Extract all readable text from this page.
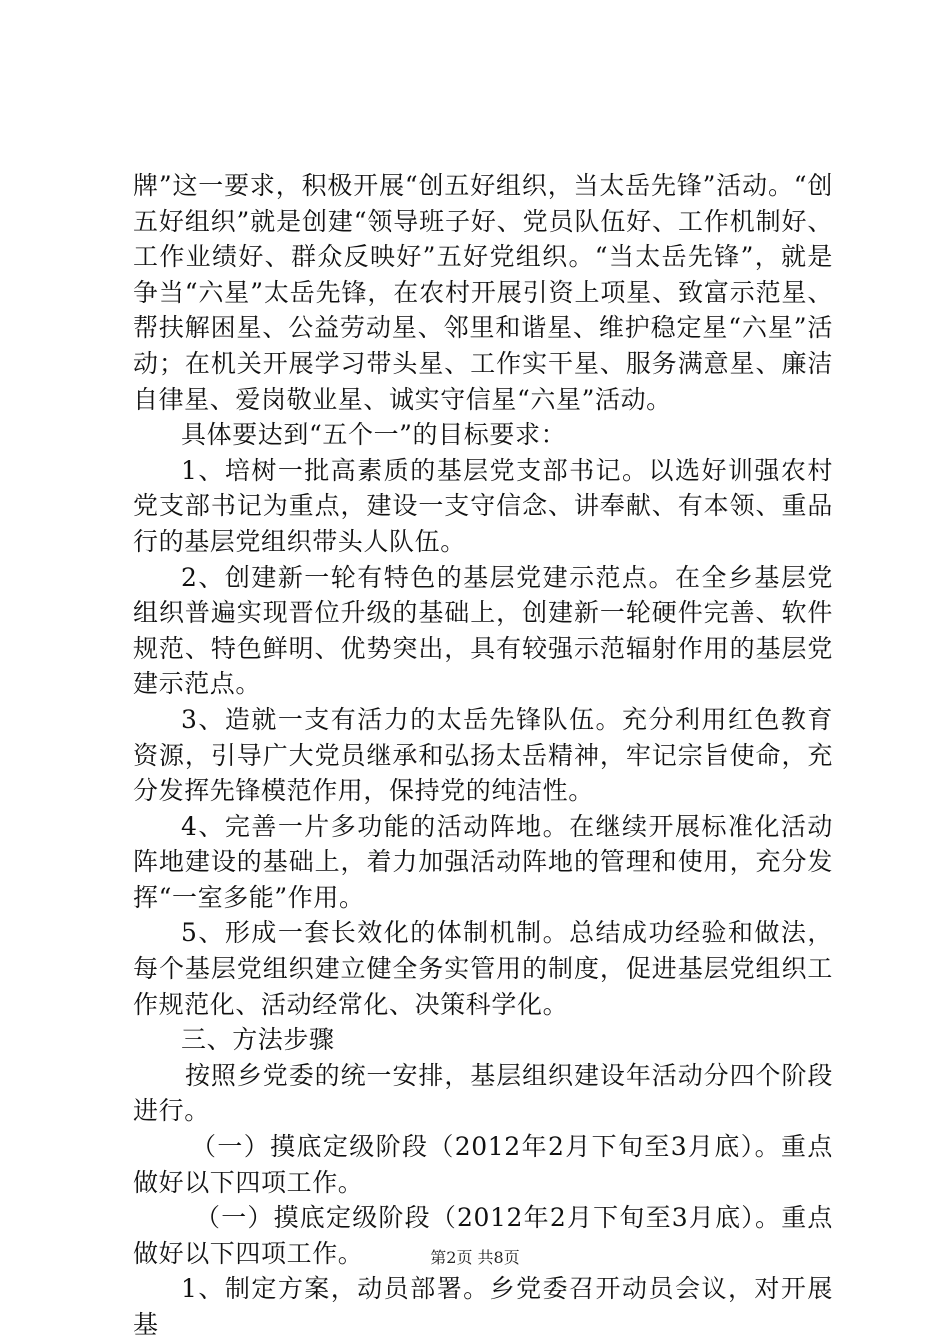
牌”这一要求，积极开展“创五好组织，当太岳先锋”活动。“创五好组织”就是创建“领导班子好、党员队伍好、工作机制好、工作业绩好、群众反映好”五好党组织。“当太岳先锋”，就是争当“六星”太岳先锋，在农村开展引资上项星、致富示范星、帮扶解困星、公益劳动星、邻里和谐星、维护稳定星“六星”活动；在机关开展学习带头星、工作实干星、服务满意星、廉洁自律星、爱岗敬业星、诚实守信星“六星”活动。

具体要达到“五个一”的目标要求：

1、培树一批高素质的基层党支部书记。以选好训强农村党支部书记为重点，建设一支守信念、讲奉献、有本领、重品行的基层党组织带头人队伍。

2、创建新一轮有特色的基层党建示范点。在全乡基层党组织普遍实现晋位升级的基础上，创建新一轮硬件完善、软件规范、特色鲜明、优势突出，具有较强示范辐射作用的基层党建示范点。

3、造就一支有活力的太岳先锋队伍。充分利用红色教育资源，引导广大党员继承和弘扬太岳精神，牢记宗旨使命，充分发挥先锋模范作用，保持党的纯洁性。

4、完善一片多功能的活动阵地。在继续开展标准化活动阵地建设的基础上，着力加强活动阵地的管理和使用，充分发挥“一室多能”作用。

5、形成一套长效化的体制机制。总结成功经验和做法，每个基层党组织建立健全务实管用的制度，促进基层党组织工作规范化、活动经常化、决策科学化。

三、方法步骤

按照乡党委的统一安排，基层组织建设年活动分四个阶段进行。

（一）摸底定级阶段（2012年2月下旬至3月底）。重点做好以下四项工作。

（一）摸底定级阶段（2012年2月下旬至3月底）。重点做好以下四项工作。

1、制定方案，动员部署。乡党委召开动员会议，对开展基

第2页 共8页
